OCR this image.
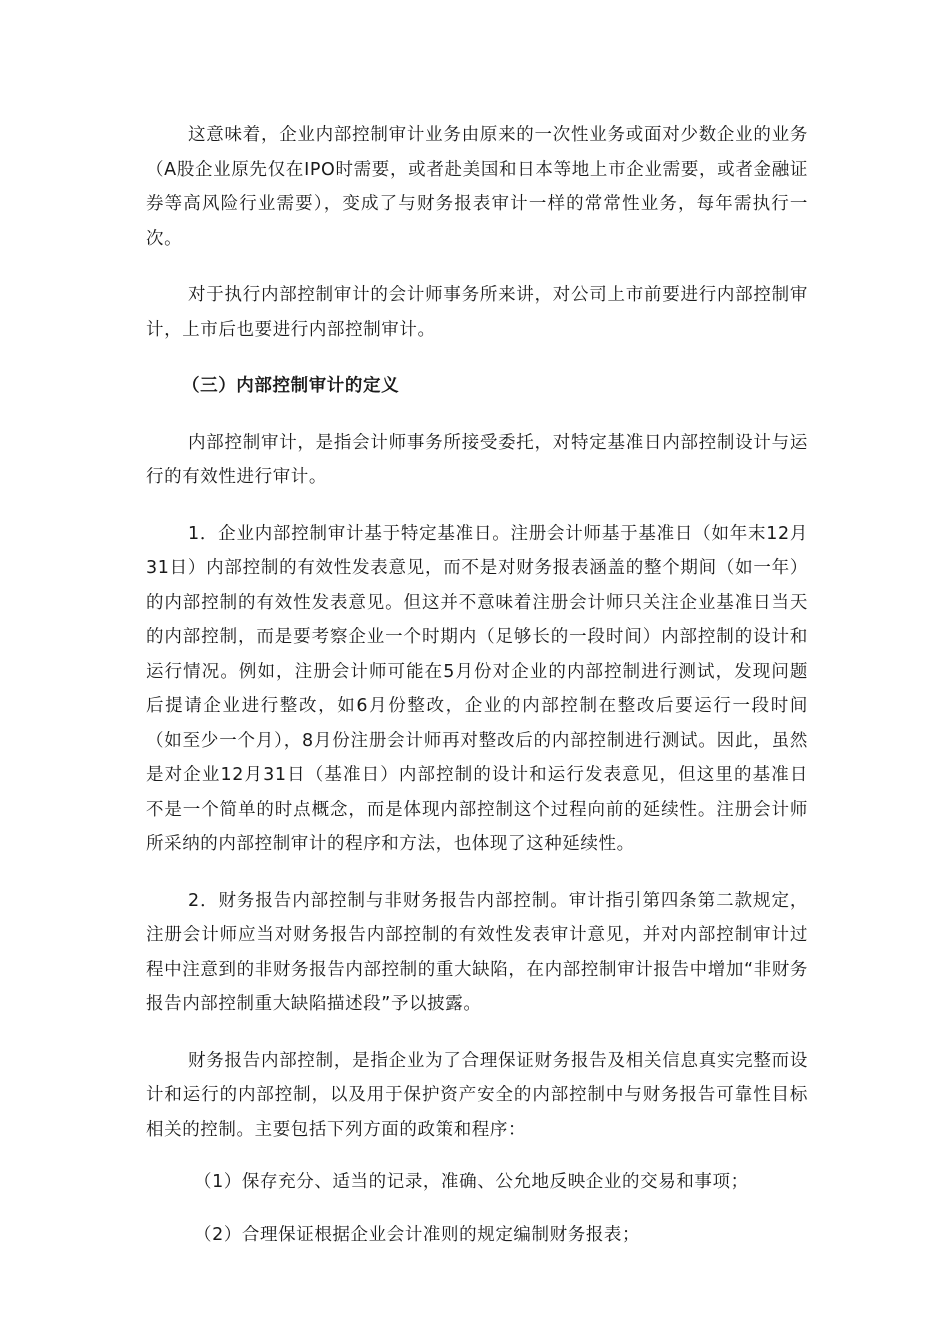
这意味着，企业内部控制审计业务由原来的一次性业务或面对少数企业的业务（A股企业原先仅在IPO时需要，或者赴美国和日本等地上市企业需要，或者金融证券等高风险行业需要），变成了与财务报表审计一样的常常性业务，每年需执行一次。

对于执行内部控制审计的会计师事务所来讲，对公司上市前要进行内部控制审计，上市后也要进行内部控制审计。

（三）内部控制审计的定义

内部控制审计，是指会计师事务所接受委托，对特定基准日内部控制设计与运行的有效性进行审计。

1．企业内部控制审计基于特定基准日。注册会计师基于基准日（如年末12月31日）内部控制的有效性发表意见，而不是对财务报表涵盖的整个期间（如一年）的内部控制的有效性发表意见。但这并不意味着注册会计师只关注企业基准日当天的内部控制，而是要考察企业一个时期内（足够长的一段时间）内部控制的设计和运行情况。例如，注册会计师可能在5月份对企业的内部控制进行测试，发现问题后提请企业进行整改，如6月份整改，企业的内部控制在整改后要运行一段时间（如至少一个月），8月份注册会计师再对整改后的内部控制进行测试。因此，虽然是对企业12月31日（基准日）内部控制的设计和运行发表意见，但这里的基准日不是一个简单的时点概念，而是体现内部控制这个过程向前的延续性。注册会计师所采纳的内部控制审计的程序和方法，也体现了这种延续性。

2．财务报告内部控制与非财务报告内部控制。审计指引第四条第二款规定，注册会计师应当对财务报告内部控制的有效性发表审计意见，并对内部控制审计过程中注意到的非财务报告内部控制的重大缺陷，在内部控制审计报告中增加“非财务报告内部控制重大缺陷描述段”予以披露。

财务报告内部控制，是指企业为了合理保证财务报告及相关信息真实完整而设计和运行的内部控制，以及用于保护资产安全的内部控制中与财务报告可靠性目标相关的控制。主要包括下列方面的政策和程序：

（1）保存充分、适当的记录，准确、公允地反映企业的交易和事项；

（2）合理保证根据企业会计准则的规定编制财务报表；
